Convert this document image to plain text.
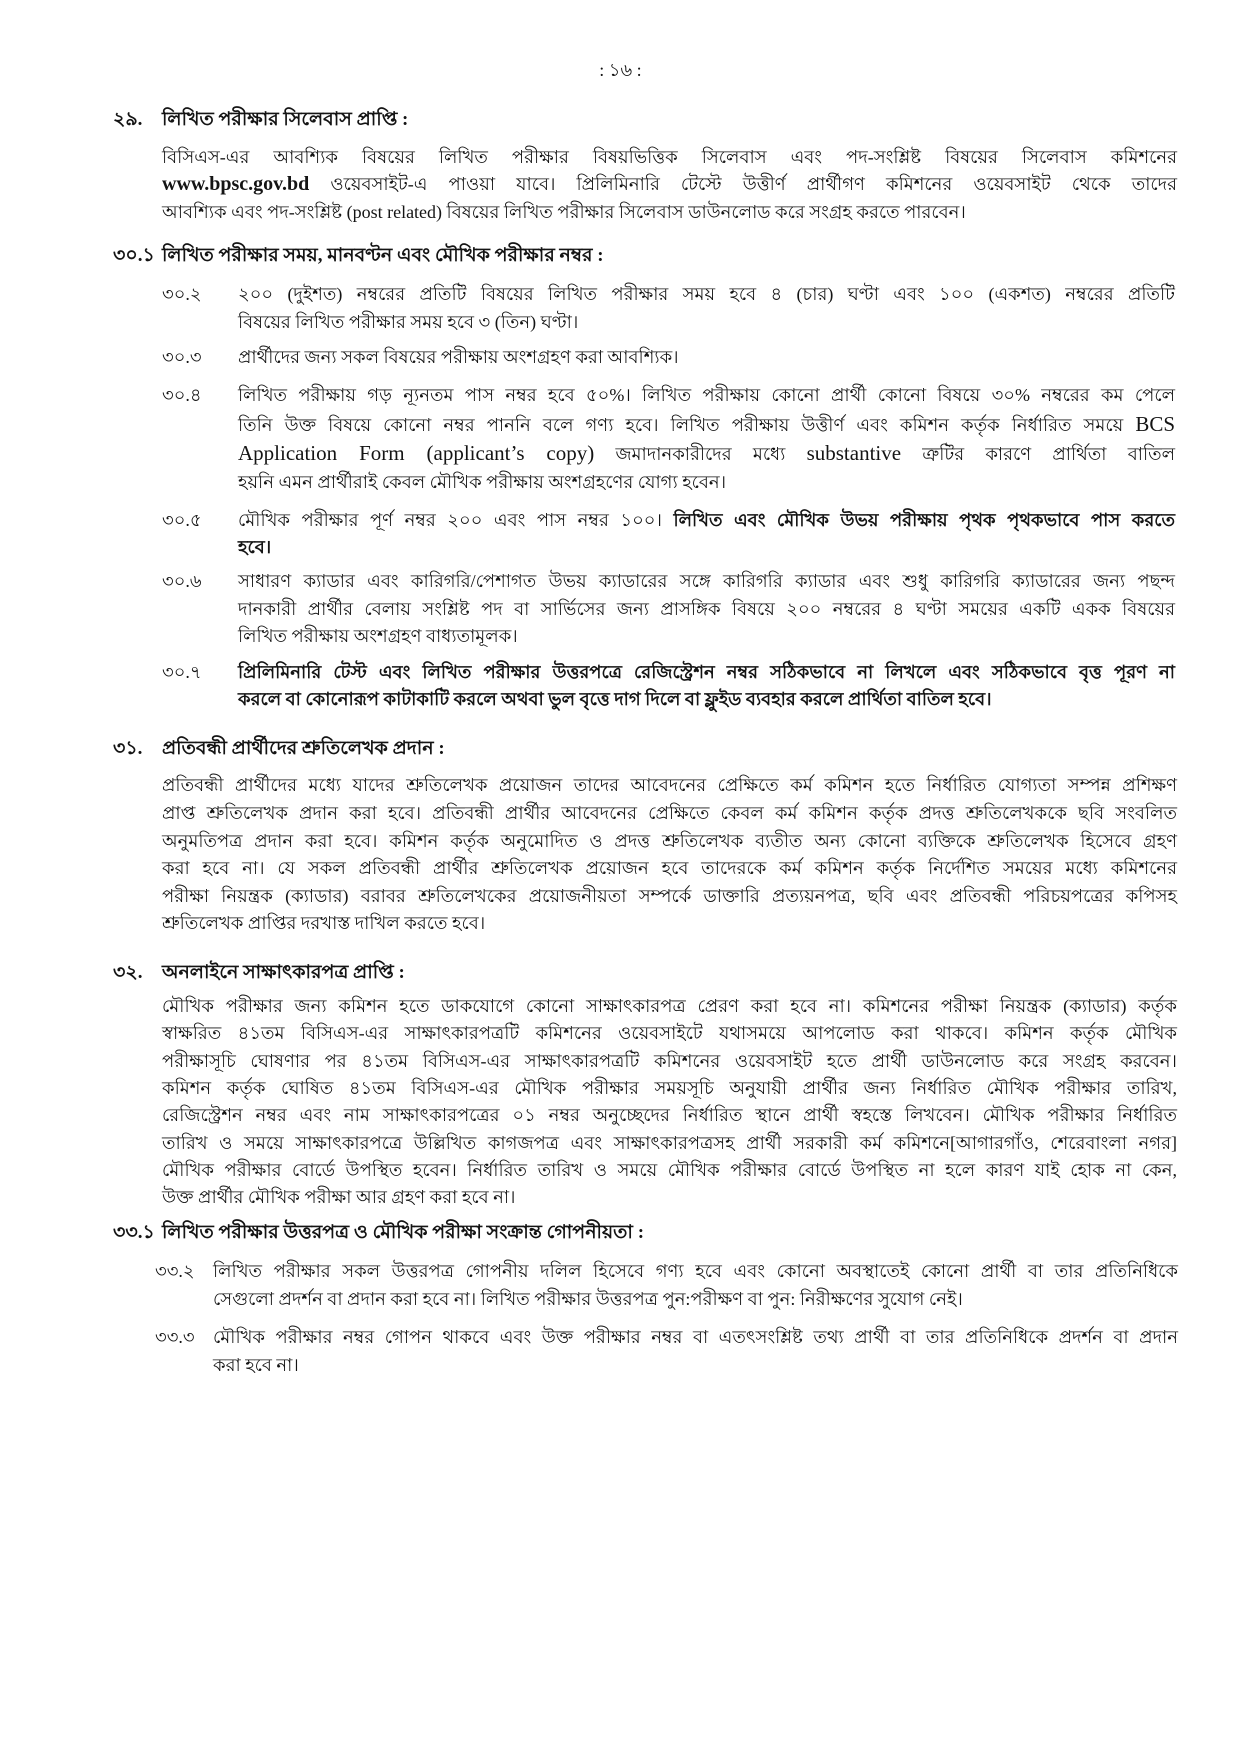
: ১৬ :
২৯.	লিখিত পরীক্ষার সিলেবাস প্রাপ্তি :
বিসিএস-এর আবশ্যিক বিষয়ের লিখিত পরীক্ষার বিষয়ভিত্তিক সিলেবাস এবং পদ-সংশ্লিষ্ট বিষয়ের সিলেবাস কমিশনের
www.bpsc.gov.bd ওয়েবসাইট-এ পাওয়া যাবে। প্রিলিমিনারি টেস্টে উত্তীর্ণ প্রার্থীগণ কমিশনের ওয়েবসাইট থেকে তাদের
আবশ্যিক এবং পদ-সংশ্লিষ্ট (post related) বিষয়ের লিখিত পরীক্ষার সিলেবাস ডাউনলোড করে সংগ্রহ করতে পারবেন।
৩০.১ লিখিত পরীক্ষার সময়, মানবণ্টন এবং মৌখিক পরীক্ষার নম্বর :
৩০.২	২০০ (দুইশত) নম্বরের প্রতিটি বিষয়ের লিখিত পরীক্ষার সময় হবে ৪ (চার) ঘণ্টা এবং ১০০ (একশত) নম্বরের প্রতিটি
বিষয়ের লিখিত পরীক্ষার সময় হবে ৩ (তিন) ঘণ্টা।
৩০.৩	প্রার্থীদের জন্য সকল বিষয়ের পরীক্ষায় অংশগ্রহণ করা আবশ্যিক।
৩০.৪	লিখিত পরীক্ষায় গড় ন্যূনতম পাস নম্বর হবে ৫০%। লিখিত পরীক্ষায় কোনো প্রার্থী কোনো বিষয়ে ৩০% নম্বরের কম পেলে
তিনি উক্ত বিষয়ে কোনো নম্বর পাননি বলে গণ্য হবে। লিখিত পরীক্ষায় উত্তীর্ণ এবং কমিশন কর্তৃক নির্ধারিত সময়ে BCS
Application Form (applicant’s copy) জমাদানকারীদের মধ্যে substantive ত্রুটির কারণে প্রার্থিতা বাতিল
হয়নি এমন প্রার্থীরাই কেবল মৌখিক পরীক্ষায় অংশগ্রহণের যোগ্য হবেন।
৩০.৫	মৌখিক পরীক্ষার পূর্ণ নম্বর ২০০ এবং পাস নম্বর ১০০। লিখিত এবং মৌখিক উভয় পরীক্ষায় পৃথক পৃথকভাবে পাস করতে
হবে।
৩০.৬	সাধারণ ক্যাডার এবং কারিগরি/পেশাগত উভয় ক্যাডারের সঙ্গে কারিগরি ক্যাডার এবং শুধু কারিগরি ক্যাডারের জন্য পছন্দ
দানকারী প্রার্থীর বেলায় সংশ্লিষ্ট পদ বা সার্ভিসের জন্য প্রাসঙ্গিক বিষয়ে ২০০ নম্বরের ৪ ঘণ্টা সময়ের একটি একক বিষয়ের
লিখিত পরীক্ষায় অংশগ্রহণ বাধ্যতামূলক।
৩০.৭	প্রিলিমিনারি টেস্ট এবং লিখিত পরীক্ষার উত্তরপত্রে রেজিস্ট্রেশন নম্বর সঠিকভাবে না লিখলে এবং সঠিকভাবে বৃত্ত পূরণ না
করলে বা কোনোরূপ কাটাকাটি করলে অথবা ভুল বৃত্তে দাগ দিলে বা ফ্লুইড ব্যবহার করলে প্রার্থিতা বাতিল হবে।
৩১.	প্রতিবন্ধী প্রার্থীদের শ্রুতিলেখক প্রদান :
প্রতিবন্ধী প্রার্থীদের মধ্যে যাদের শ্রুতিলেখক প্রয়োজন তাদের আবেদনের প্রেক্ষিতে কর্ম কমিশন হতে নির্ধারিত যোগ্যতা সম্পন্ন প্রশিক্ষণ
প্রাপ্ত শ্রুতিলেখক প্রদান করা হবে। প্রতিবন্ধী প্রার্থীর আবেদনের প্রেক্ষিতে কেবল কর্ম কমিশন কর্তৃক প্রদত্ত শ্রুতিলেখককে ছবি সংবলিত
অনুমতিপত্র প্রদান করা হবে। কমিশন কর্তৃক অনুমোদিত ও প্রদত্ত শ্রুতিলেখক ব্যতীত অন্য কোনো ব্যক্তিকে শ্রুতিলেখক হিসেবে গ্রহণ
করা হবে না। যে সকল প্রতিবন্ধী প্রার্থীর শ্রুতিলেখক প্রয়োজন হবে তাদেরকে কর্ম কমিশন কর্তৃক নির্দেশিত সময়ের মধ্যে কমিশনের
পরীক্ষা নিয়ন্ত্রক (ক্যাডার) বরাবর শ্রুতিলেখকের প্রয়োজনীয়তা সম্পর্কে ডাক্তারি প্রত্যয়নপত্র, ছবি এবং প্রতিবন্ধী পরিচয়পত্রের কপিসহ
শ্রুতিলেখক প্রাপ্তির দরখাস্ত দাখিল করতে হবে।
৩২.	অনলাইনে সাক্ষাৎকারপত্র প্রাপ্তি :
মৌখিক পরীক্ষার জন্য কমিশন হতে ডাকযোগে কোনো সাক্ষাৎকারপত্র প্রেরণ করা হবে না। কমিশনের পরীক্ষা নিয়ন্ত্রক (ক্যাডার) কর্তৃক
স্বাক্ষরিত ৪১তম বিসিএস-এর সাক্ষাৎকারপত্রটি কমিশনের ওয়েবসাইটে যথাসময়ে আপলোড করা থাকবে। কমিশন কর্তৃক মৌখিক
পরীক্ষাসূচি ঘোষণার পর ৪১তম বিসিএস-এর সাক্ষাৎকারপত্রটি কমিশনের ওয়েবসাইট হতে প্রার্থী ডাউনলোড করে সংগ্রহ করবেন।
কমিশন কর্তৃক ঘোষিত ৪১তম বিসিএস-এর মৌখিক পরীক্ষার সময়সূচি অনুযায়ী প্রার্থীর জন্য নির্ধারিত মৌখিক পরীক্ষার তারিখ,
রেজিস্ট্রেশন নম্বর এবং নাম সাক্ষাৎকারপত্রের ০১ নম্বর অনুচ্ছেদের নির্ধারিত স্থানে প্রার্থী স্বহস্তে লিখবেন। মৌখিক পরীক্ষার নির্ধারিত
তারিখ ও সময়ে সাক্ষাৎকারপত্রে উল্লিখিত কাগজপত্র এবং সাক্ষাৎকারপত্রসহ প্রার্থী সরকারী কর্ম কমিশনে[আগারগাঁও, শেরেবাংলা নগর]
মৌখিক পরীক্ষার বোর্ডে উপস্থিত হবেন। নির্ধারিত তারিখ ও সময়ে মৌখিক পরীক্ষার বোর্ডে উপস্থিত না হলে কারণ যাই হোক না কেন,
উক্ত প্রার্থীর মৌখিক পরীক্ষা আর গ্রহণ করা হবে না।
৩৩.১ লিখিত পরীক্ষার উত্তরপত্র ও মৌখিক পরীক্ষা সংক্রান্ত গোপনীয়তা :
৩৩.২	লিখিত পরীক্ষার সকল উত্তরপত্র গোপনীয় দলিল হিসেবে গণ্য হবে এবং কোনো অবস্থাতেই কোনো প্রার্থী বা তার প্রতিনিধিকে
সেগুলো প্রদর্শন বা প্রদান করা হবে না। লিখিত পরীক্ষার উত্তরপত্র পুন:পরীক্ষণ বা পুন: নিরীক্ষণের সুযোগ নেই।
৩৩.৩	মৌখিক পরীক্ষার নম্বর গোপন থাকবে এবং উক্ত পরীক্ষার নম্বর বা এতৎসংশ্লিষ্ট তথ্য প্রার্থী বা তার প্রতিনিধিকে প্রদর্শন বা প্রদান
করা হবে না।
